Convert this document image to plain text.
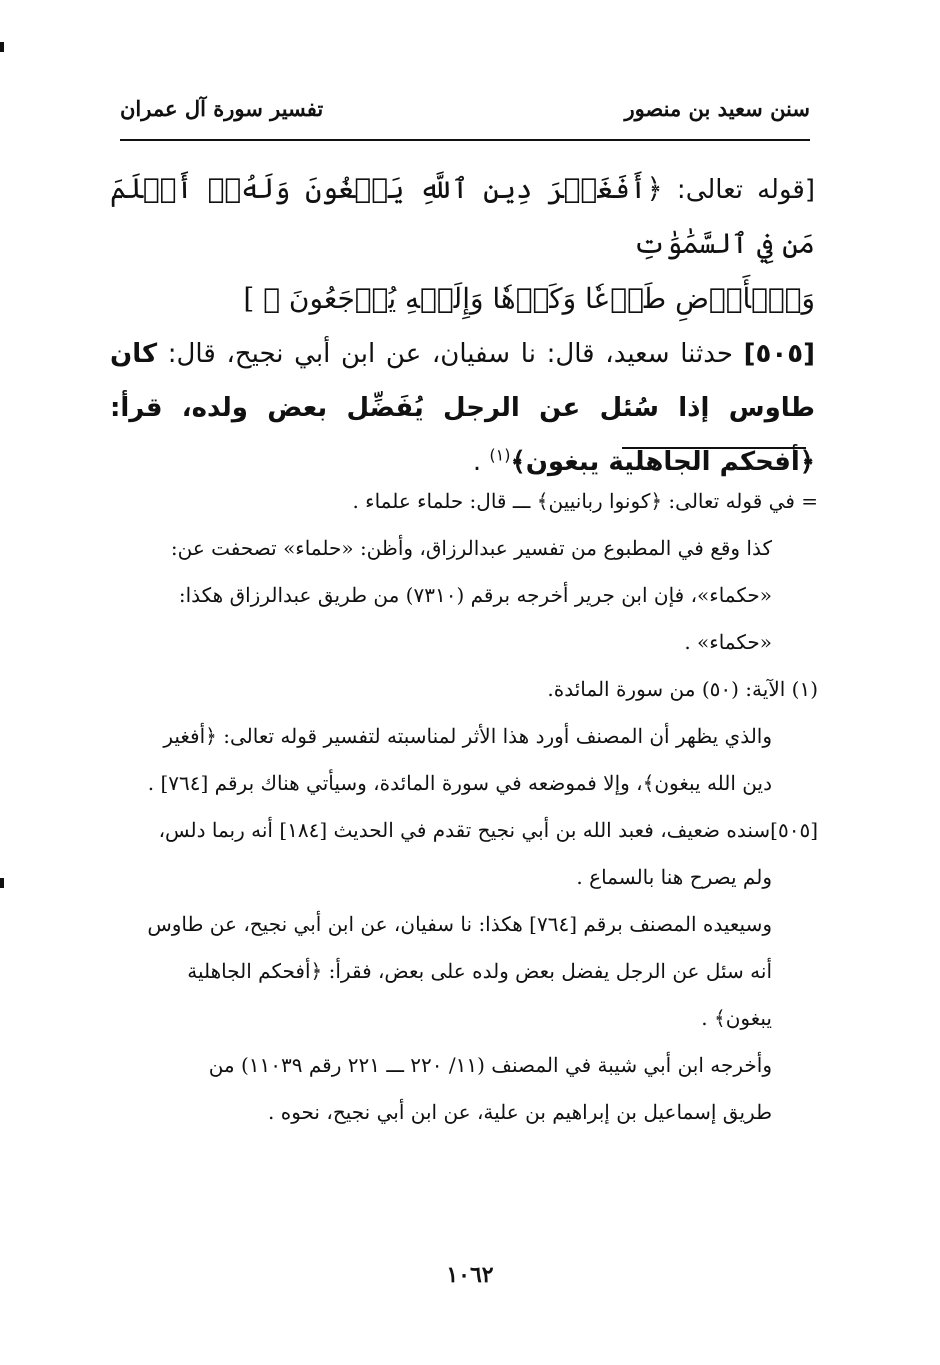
سنن سعيد بن منصور
تفسير سورة آل عمران

[قوله تعالى: ﴿أَفَغَيۡرَ دِينِ ٱللَّهِ يَبۡغُونَ وَلَهُۥٓ أَسۡلَمَ مَن فِي ٱلسَّمَٰوَٰتِ
وَٱلۡأَرۡضِ طَوۡعٗا وَكَرۡهٗا وَإِلَيۡهِ يُرۡجَعُونَ ﴾ ]

[٥٠٥] حدثنا سعيد، قال: نا سفيان، عن ابن أبي نجيح، قال: كان طاوس إذا سُئل عن الرجل يُفَضِّل بعض ولده، قرأ: ﴿أفحكم الجاهلية يبغون﴾$^{(١)}$ .

= في قوله تعالى: ﴿كونوا ربانيين﴾ ـــ قال: حلماء علماء .

كذا وقع في المطبوع من تفسير عبدالرزاق، وأظن: «حلماء» تصحفت عن:

«حكماء»، فإن ابن جرير أخرجه برقم (٧٣١٠) من طريق عبدالرزاق هكذا:

«حكماء» .

(١) الآية: (٥٠) من سورة المائدة.

والذي يظهر أن المصنف أورد هذا الأثر لمناسبته لتفسير قوله تعالى: ﴿أفغير

دين الله يبغون﴾، وإلا فموضعه في سورة المائدة، وسيأتي هناك برقم [٧٦٤] .

[٥٠٥]سنده ضعيف، فعبد الله بن أبي نجيح تقدم في الحديث [١٨٤] أنه ربما دلس،

ولم يصرح هنا بالسماع .

وسيعيده المصنف برقم [٧٦٤] هكذا: نا سفيان، عن ابن أبي نجيح، عن طاوس

أنه سئل عن الرجل يفضل بعض ولده على بعض، فقرأ: ﴿أفحكم الجاهلية

يبغون﴾ .

وأخرجه ابن أبي شيبة في المصنف (١١/ ٢٢٠ ـــ ٢٢١ رقم ١١٠٣٩) من

طريق إسماعيل بن إبراهيم بن علية، عن ابن أبي نجيح، نحوه .

١٠٦٢
